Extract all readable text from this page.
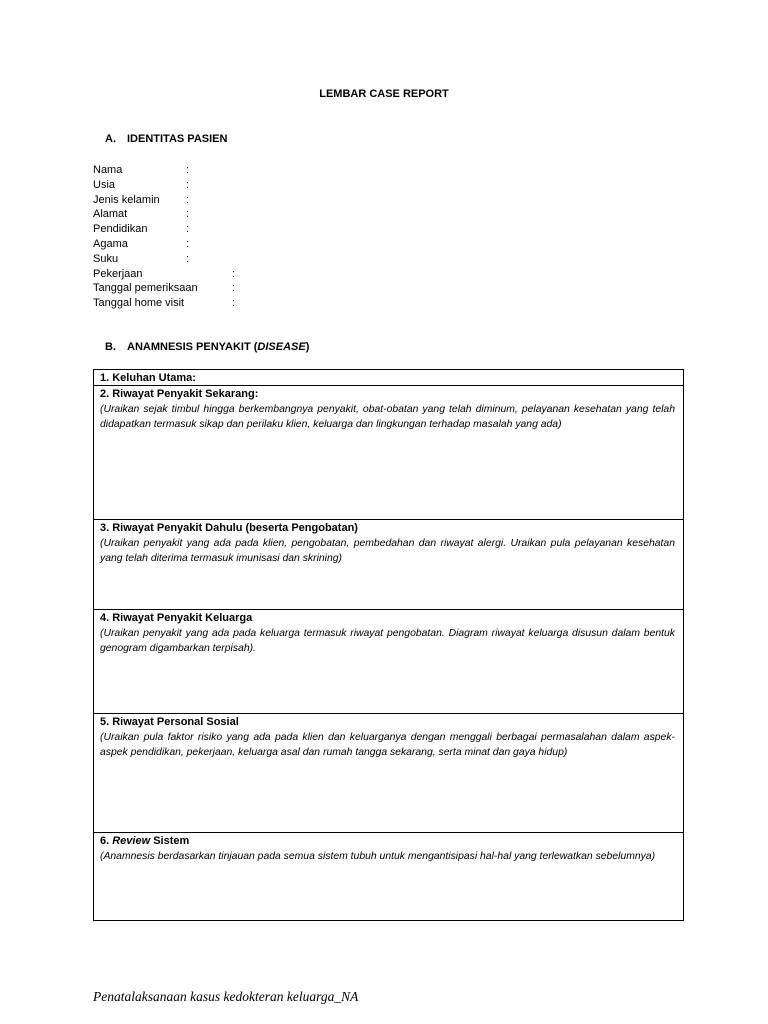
LEMBAR CASE REPORT
A. IDENTITAS PASIEN
Nama	:
Usia	:
Jenis kelamin :
Alamat	:
Pendidikan	:
Agama	:
Suku	:
Pekerjaan	:
Tanggal pemeriksaan	:
Tanggal home visit	:
B. ANAMNESIS PENYAKIT (DISEASE)
1. Keluhan Utama:
2. Riwayat Penyakit Sekarang:
(Uraikan sejak timbul hingga berkembangnya penyakit, obat-obatan yang telah diminum, pelayanan kesehatan yang telah didapatkan termasuk sikap dan perilaku klien, keluarga dan lingkungan terhadap masalah yang ada)
3. Riwayat Penyakit Dahulu (beserta Pengobatan)
(Uraikan penyakit yang ada pada klien, pengobatan, pembedahan dan riwayat alergi. Uraikan pula pelayanan kesehatan yang telah diterima termasuk imunisasi dan skrining)
4. Riwayat Penyakit Keluarga
(Uraikan penyakit yang ada pada keluarga termasuk riwayat pengobatan. Diagram riwayat keluarga disusun dalam bentuk genogram digambarkan terpisah).
5. Riwayat Personal Sosial
(Uraikan pula faktor risiko yang ada pada klien dan keluarganya dengan menggali berbagai permasalahan dalam aspek-aspek pendidikan, pekerjaan, keluarga asal dan rumah tangga sekarang, serta minat dan gaya hidup)
6. Review Sistem
(Anamnesis berdasarkan tinjauan pada semua sistem tubuh untuk mengantisipasi hal-hal yang terlewatkan sebelumnya)
Penatalaksanaan kasus kedokteran keluarga_NA
